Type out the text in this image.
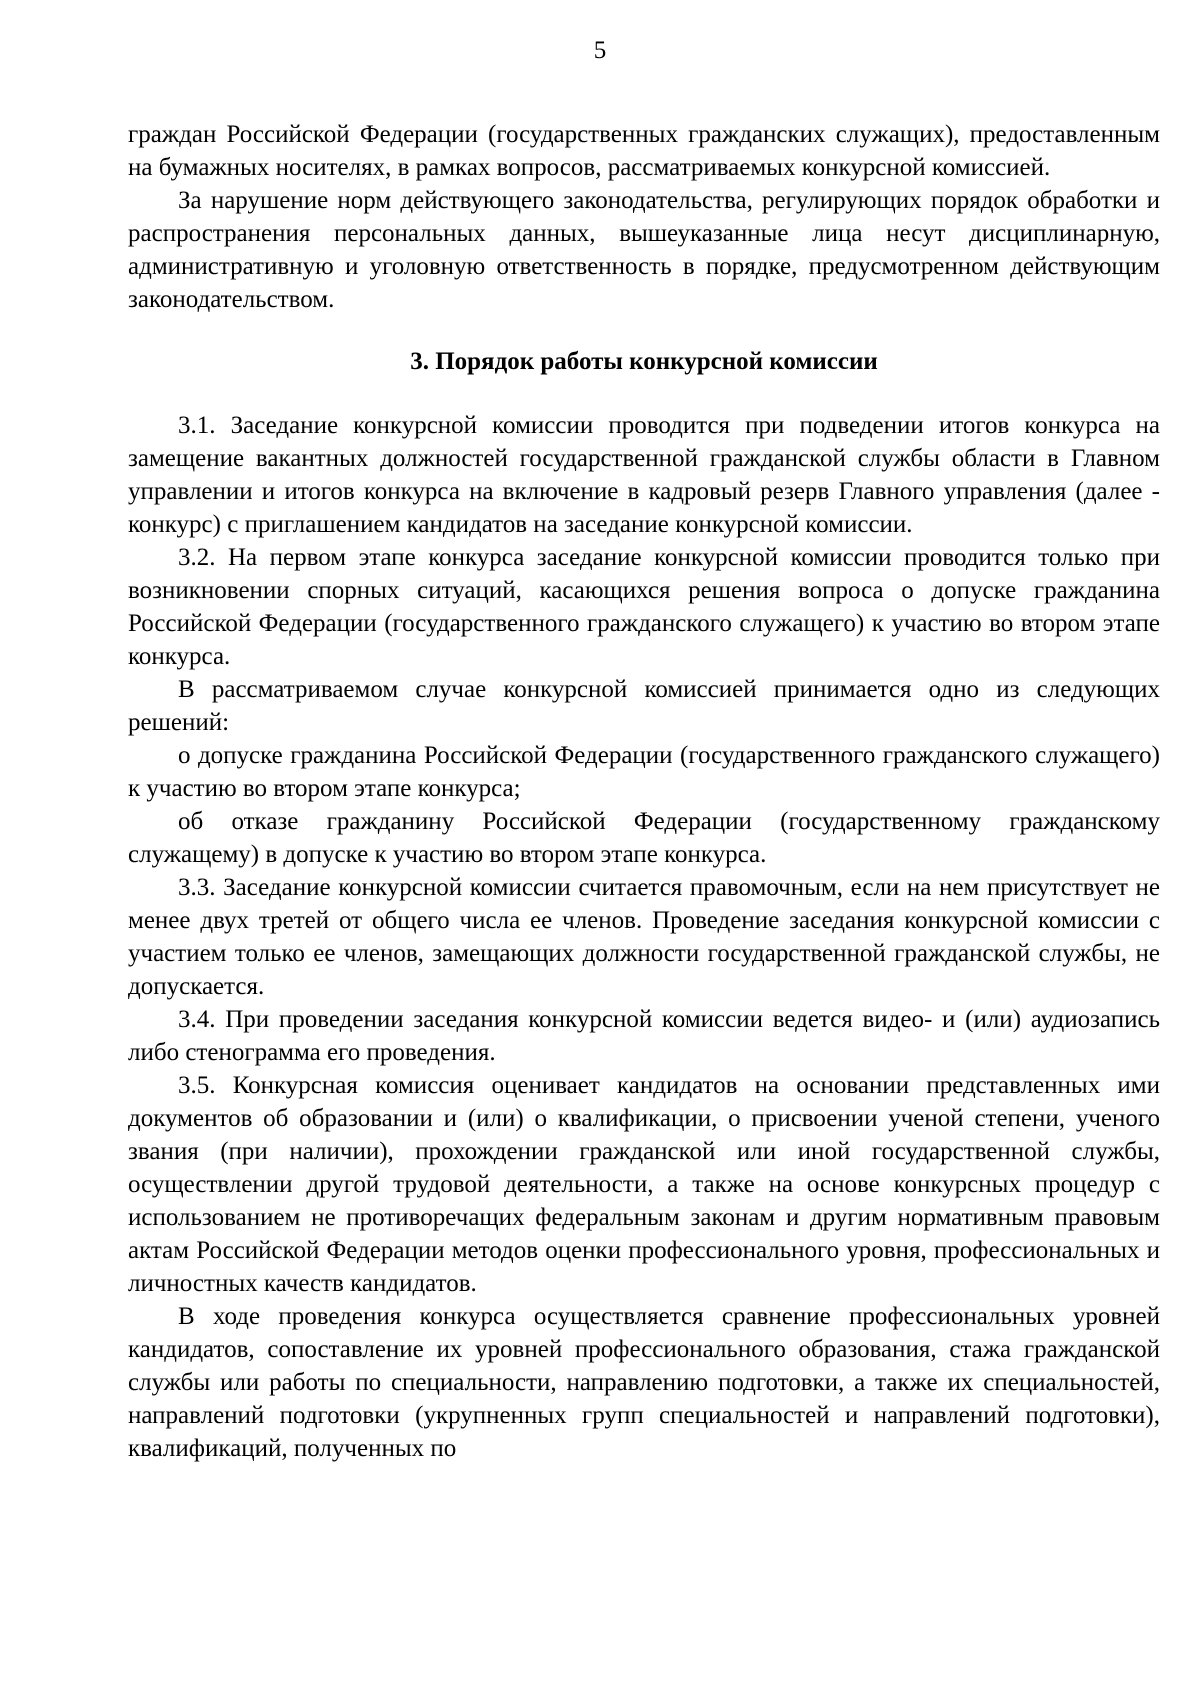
5

граждан Российской Федерации (государственных гражданских служащих), предоставленным на бумажных носителях, в рамках вопросов, рассматриваемых конкурсной комиссией.

За нарушение норм действующего законодательства, регулирующих порядок обработки и распространения персональных данных, вышеуказанные лица несут дисциплинарную, административную и уголовную ответственность в порядке, предусмотренном действующим законодательством.

3. Порядок работы конкурсной комиссии

3.1. Заседание конкурсной комиссии проводится при подведении итогов конкурса на замещение вакантных должностей государственной гражданской службы области в Главном управлении и итогов конкурса на включение в кадровый резерв Главного управления (далее - конкурс) с приглашением кандидатов на заседание конкурсной комиссии.

3.2. На первом этапе конкурса заседание конкурсной комиссии проводится только при возникновении спорных ситуаций, касающихся решения вопроса о допуске гражданина Российской Федерации (государственного гражданского служащего) к участию во втором этапе конкурса.

В рассматриваемом случае конкурсной комиссией принимается одно из следующих решений:

о допуске гражданина Российской Федерации (государственного гражданского служащего) к участию во втором этапе конкурса;

об отказе гражданину Российской Федерации (государственному гражданскому служащему) в допуске к участию во втором этапе конкурса.

3.3. Заседание конкурсной комиссии считается правомочным, если на нем присутствует не менее двух третей от общего числа ее членов. Проведение заседания конкурсной комиссии с участием только ее членов, замещающих должности государственной гражданской службы, не допускается.

3.4. При проведении заседания конкурсной комиссии ведется видео- и (или) аудиозапись либо стенограмма его проведения.

3.5. Конкурсная комиссия оценивает кандидатов на основании представленных ими документов об образовании и (или) о квалификации, о присвоении ученой степени, ученого звания (при наличии), прохождении гражданской или иной государственной службы, осуществлении другой трудовой деятельности, а также на основе конкурсных процедур с использованием не противоречащих федеральным законам и другим нормативным правовым актам Российской Федерации методов оценки профессионального уровня, профессиональных и личностных качеств кандидатов.

В ходе проведения конкурса осуществляется сравнение профессиональных уровней кандидатов, сопоставление их уровней профессионального образования, стажа гражданской службы или работы по специальности, направлению подготовки, а также их специальностей, направлений подготовки (укрупненных групп специальностей и направлений подготовки), квалификаций, полученных по
